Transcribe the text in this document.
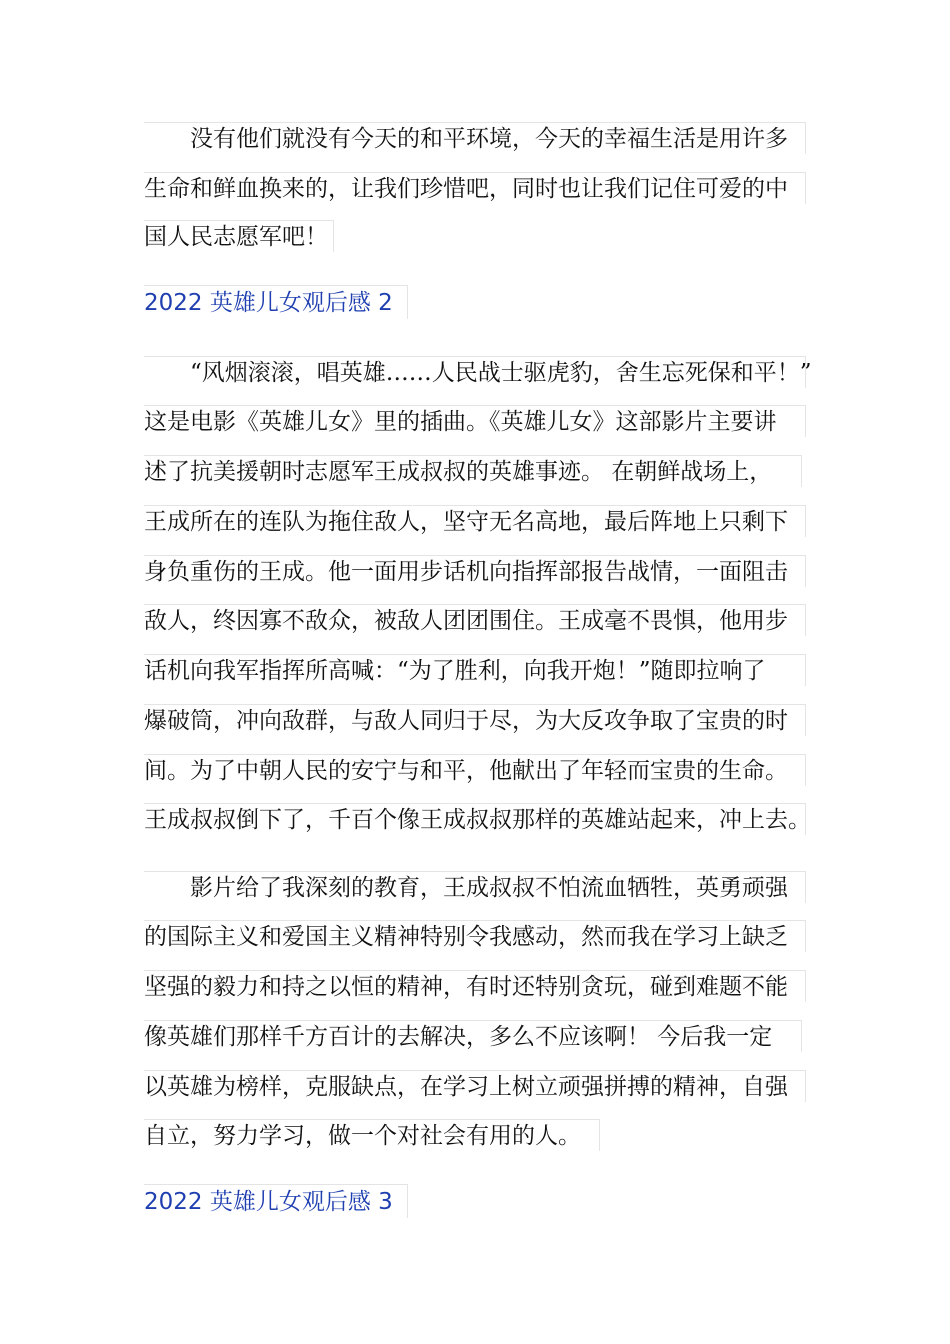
没有他们就没有今天的和平环境，今天的幸福生活是用许多
生命和鲜血换来的，让我们珍惜吧，同时也让我们记住可爱的中
国人民志愿军吧！
2022 英雄儿女观后感 2
“风烟滚滚，唱英雄……人民战士驱虎豹，舍生忘死保和平！”
这是电影《英雄儿女》里的插曲。《英雄儿女》这部影片主要讲
述了抗美援朝时志愿军王成叔叔的英雄事迹。 在朝鲜战场上，
王成所在的连队为拖住敌人，坚守无名高地，最后阵地上只剩下
身负重伤的王成。他一面用步话机向指挥部报告战情，一面阻击
敌人，终因寡不敌众，被敌人团团围住。王成毫不畏惧，他用步
话机向我军指挥所高喊：“为了胜利，向我开炮！”随即拉响了
爆破筒，冲向敌群，与敌人同归于尽，为大反攻争取了宝贵的时
间。为了中朝人民的安宁与和平，他献出了年轻而宝贵的生命。
王成叔叔倒下了，千百个像王成叔叔那样的英雄站起来，冲上去。
影片给了我深刻的教育，王成叔叔不怕流血牺牲，英勇顽强
的国际主义和爱国主义精神特别令我感动，然而我在学习上缺乏
坚强的毅力和持之以恒的精神，有时还特别贪玩，碰到难题不能
像英雄们那样千方百计的去解决，多么不应该啊！ 今后我一定
以英雄为榜样，克服缺点，在学习上树立顽强拼搏的精神，自强
自立，努力学习，做一个对社会有用的人。
2022 英雄儿女观后感 3
